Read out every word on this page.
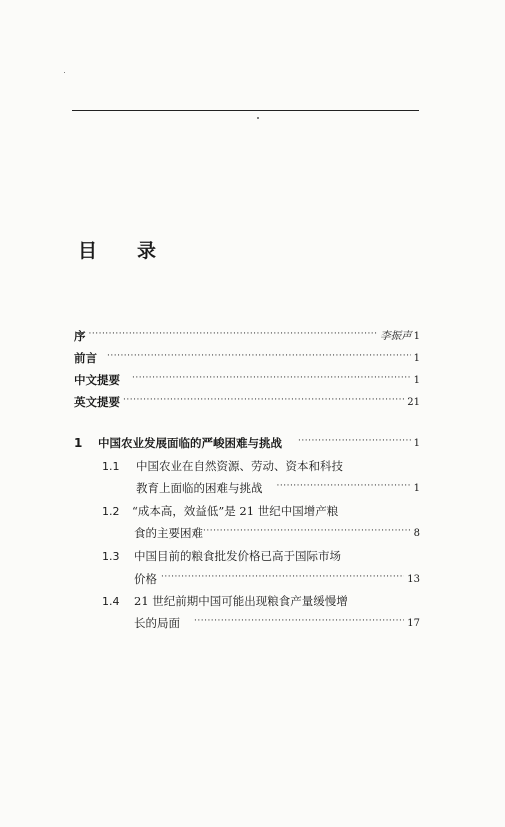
目 录
序 ·····	李振声 1
前言 ·····	1
中文提要 ·····	1
英文提要 ·····	21
1	中国农业发展面临的严峻困难与挑战 ·····	1
1.1 中国农业在自然资源、劳动、资本和科技
教育上面临的困难与挑战 ·····	1
1.2 “成本高，效益低”是 21 世纪中国增产粮
食的主要困难 ·····	8
1.3 中国目前的粮食批发价格已高于国际市场
价格 ·····	13
1.4 21 世纪前期中国可能出现粮食产量缓慢增
长的局面 ·····	17
